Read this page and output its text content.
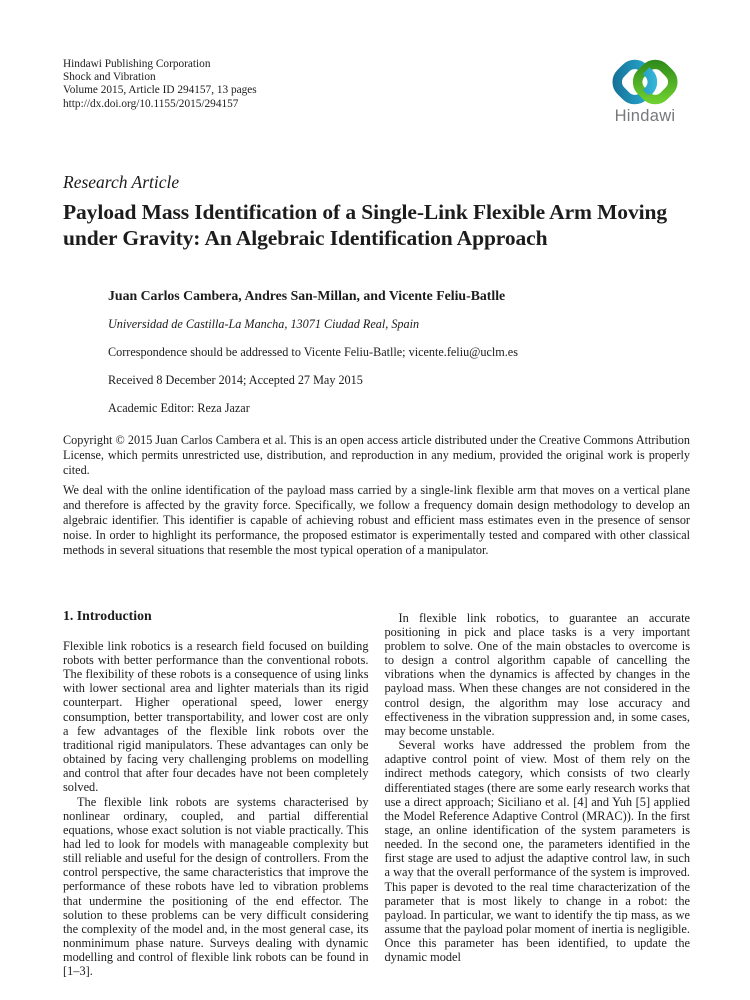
Hindawi Publishing Corporation
Shock and Vibration
Volume 2015, Article ID 294157, 13 pages
http://dx.doi.org/10.1155/2015/294157
Hindawi
Research Article
Payload Mass Identification of a Single-Link Flexible Arm Moving under Gravity: An Algebraic Identification Approach
Juan Carlos Cambera, Andres San-Millan, and Vicente Feliu-Batlle
Universidad de Castilla-La Mancha, 13071 Ciudad Real, Spain
Correspondence should be addressed to Vicente Feliu-Batlle; vicente.feliu@uclm.es
Received 8 December 2014; Accepted 27 May 2015
Academic Editor: Reza Jazar
Copyright © 2015 Juan Carlos Cambera et al. This is an open access article distributed under the Creative Commons Attribution License, which permits unrestricted use, distribution, and reproduction in any medium, provided the original work is properly cited.
We deal with the online identification of the payload mass carried by a single-link flexible arm that moves on a vertical plane and therefore is affected by the gravity force. Specifically, we follow a frequency domain design methodology to develop an algebraic identifier. This identifier is capable of achieving robust and efficient mass estimates even in the presence of sensor noise. In order to highlight its performance, the proposed estimator is experimentally tested and compared with other classical methods in several situations that resemble the most typical operation of a manipulator.
1. Introduction

Flexible link robotics is a research field focused on building robots with better performance than the conventional robots. The flexibility of these robots is a consequence of using links with lower sectional area and lighter materials than its rigid counterpart. Higher operational speed, lower energy consumption, better transportability, and lower cost are only a few advantages of the flexible link robots over the traditional rigid manipulators. These advantages can only be obtained by facing very challenging problems on modelling and control that after four decades have not been completely solved.

The flexible link robots are systems characterised by nonlinear ordinary, coupled, and partial differential equations, whose exact solution is not viable practically. This had led to look for models with manageable complexity but still reliable and useful for the design of controllers. From the control perspective, the same characteristics that improve the performance of these robots have led to vibration problems that undermine the positioning of the end effector. The solution to these problems can be very difficult considering the complexity of the model and, in the most general case, its nonminimum phase nature. Surveys dealing with dynamic modelling and control of flexible link robots can be found in [1–3].

In flexible link robotics, to guarantee an accurate positioning in pick and place tasks is a very important problem to solve. One of the main obstacles to overcome is to design a control algorithm capable of cancelling the vibrations when the dynamics is affected by changes in the payload mass. When these changes are not considered in the control design, the algorithm may lose accuracy and effectiveness in the vibration suppression and, in some cases, may become unstable.

Several works have addressed the problem from the adaptive control point of view. Most of them rely on the indirect methods category, which consists of two clearly differentiated stages (there are some early research works that use a direct approach; Siciliano et al. [4] and Yuh [5] applied the Model Reference Adaptive Control (MRAC)). In the first stage, an online identification of the system parameters is needed. In the second one, the parameters identified in the first stage are used to adjust the adaptive control law, in such a way that the overall performance of the system is improved. This paper is devoted to the real time characterization of the parameter that is most likely to change in a robot: the payload. In particular, we want to identify the tip mass, as we assume that the payload polar moment of inertia is negligible. Once this parameter has been identified, to update the dynamic model
